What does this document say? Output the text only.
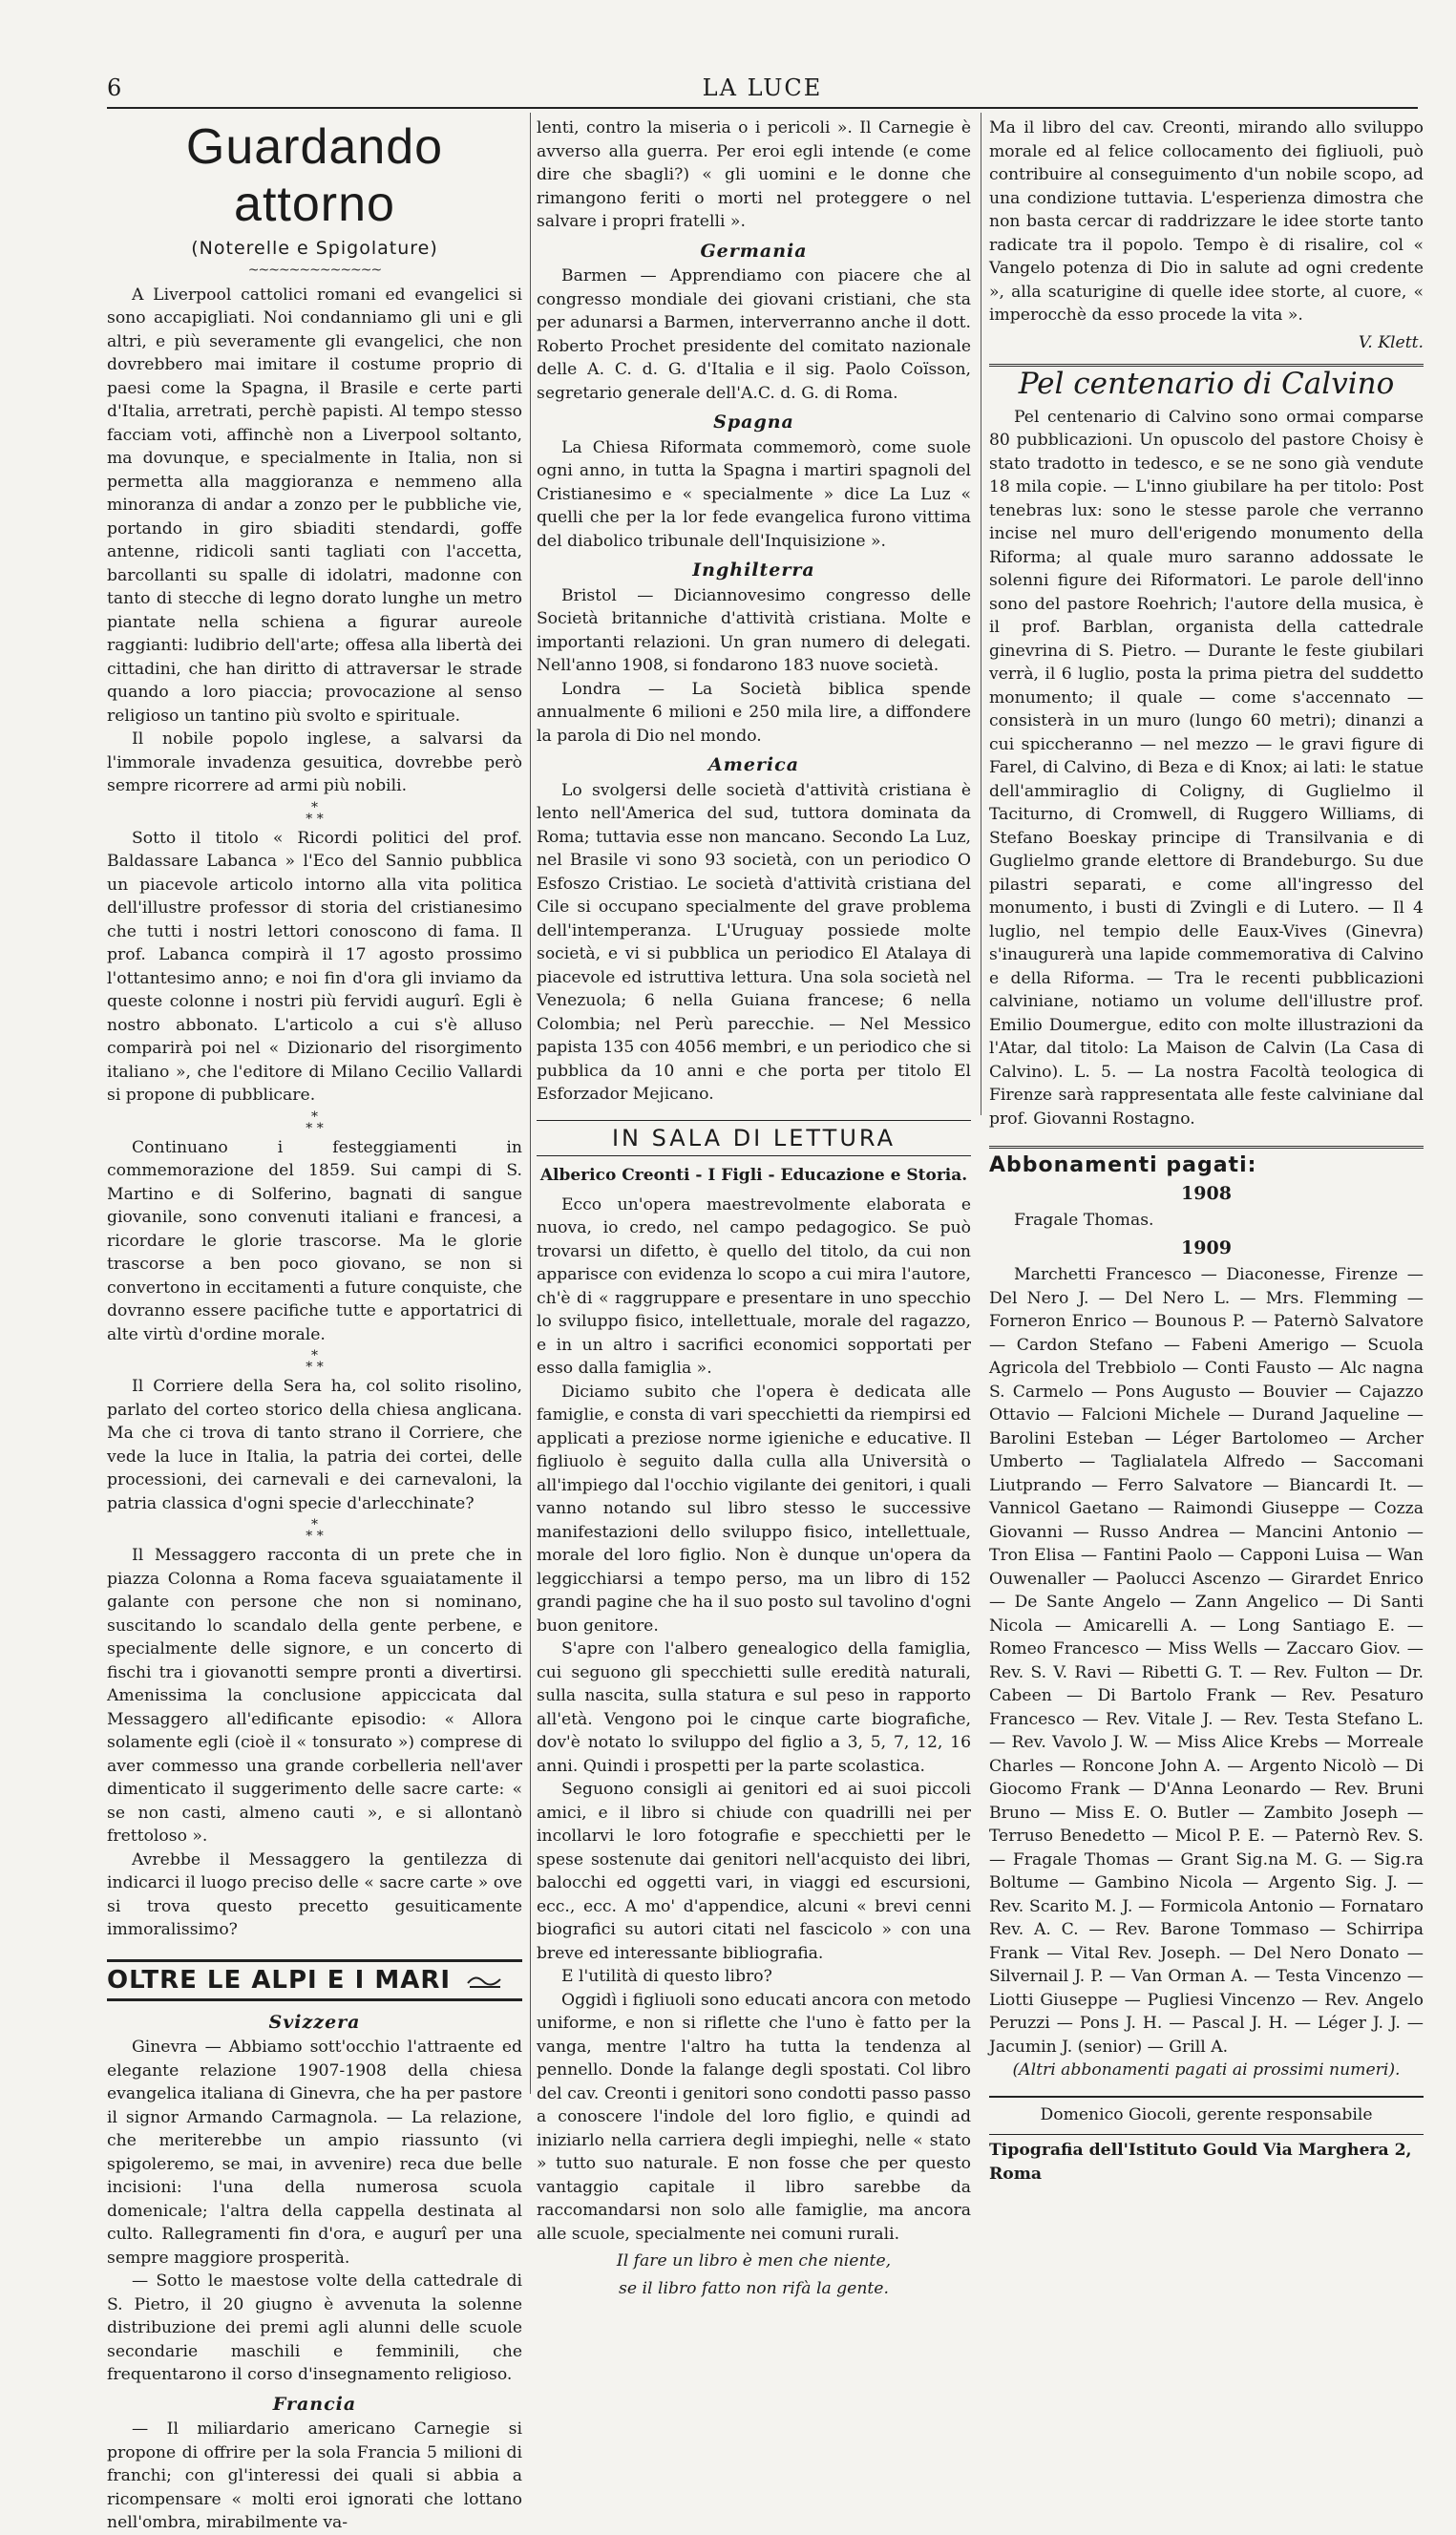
6	LA LUCE
Guardando attorno
(Noterelle e Spigolature)
~~~~~~~~~~~~~

A Liverpool cattolici romani ed evangelici si sono accapigliati. Noi condanniamo gli uni e gli altri, e più severamente gli evangelici, che non dovrebbero mai imitare il costume proprio di paesi come la Spagna, il Brasile e certe parti d'Italia, arretrati, perchè papisti. Al tempo stesso facciam voti, affinchè non a Liverpool soltanto, ma dovunque, e specialmente in Italia, non si permetta alla maggioranza e nemmeno alla minoranza di andar a zonzo per le pubbliche vie, portando in giro sbiaditi stendardi, goffe antenne, ridicoli santi tagliati con l'accetta, barcollanti su spalle di idolatri, madonne con tanto di stecche di legno dorato lunghe un metro piantate nella schiena a figurar aureole raggianti: ludibrio dell'arte; offesa alla libertà dei cittadini, che han diritto di attraversar le strade quando a loro piaccia; provocazione al senso religioso un tantino più svolto e spirituale.

Il nobile popolo inglese, a salvarsi da l'immorale invadenza gesuitica, dovrebbe però sempre ricorrere ad armi più nobili.

*
* *

Sotto il titolo « Ricordi politici del prof. Baldassare Labanca » l'Eco del Sannio pubblica un piacevole articolo intorno alla vita politica dell'illustre professor di storia del cristianesimo che tutti i nostri lettori conoscono di fama. Il prof. Labanca compirà il 17 agosto prossimo l'ottantesimo anno; e noi fin d'ora gli inviamo da queste colonne i nostri più fervidi augurî. Egli è nostro abbonato. L'articolo a cui s'è alluso comparirà poi nel « Dizionario del risorgimento italiano », che l'editore di Milano Cecilio Vallardi si propone di pubblicare.

*
* *

Continuano i festeggiamenti in commemorazione del 1859. Sui campi di S. Martino e di Solferino, bagnati di sangue giovanile, sono convenuti italiani e francesi, a ricordare le glorie trascorse. Ma le glorie trascorse a ben poco giovano, se non si convertono in eccitamenti a future conquiste, che dovranno essere pacifiche tutte e apportatrici di alte virtù d'ordine morale.

*
* *

Il Corriere della Sera ha, col solito risolino, parlato del corteo storico della chiesa anglicana. Ma che ci trova di tanto strano il Corriere, che vede la luce in Italia, la patria dei cortei, delle processioni, dei carnevali e dei carnevaloni, la patria classica d'ogni specie d'arlecchinate?

*
* *

Il Messaggero racconta di un prete che in piazza Colonna a Roma faceva sguaiatamente il galante con persone che non si nominano, suscitando lo scandalo della gente perbene, e specialmente delle signore, e un concerto di fischi tra i giovanotti sempre pronti a divertirsi. Amenissima la conclusione appiccicata dal Messaggero all'edificante episodio: « Allora solamente egli (cioè il « tonsurato ») comprese di aver commesso una grande corbelleria nell'aver dimenticato il suggerimento delle sacre carte: « se non casti, almeno cauti », e si allontanò frettoloso ».

Avrebbe il Messaggero la gentilezza di indicarci il luogo preciso delle « sacre carte » ove si trova questo precetto gesuiticamente immoralissimo?

OLTRE LE ALPI E I MARI
Svizzera

Ginevra — Abbiamo sott'occhio l'attraente ed elegante relazione 1907-1908 della chiesa evangelica italiana di Ginevra, che ha per pastore il signor Armando Carmagnola. — La relazione, che meriterebbe un ampio riassunto (vi spigoleremo, se mai, in avvenire) reca due belle incisioni: l'una della numerosa scuola domenicale; l'altra della cappella destinata al culto. Rallegramenti fin d'ora, e augurî per una sempre maggiore prosperità.

— Sotto le maestose volte della cattedrale di S. Pietro, il 20 giugno è avvenuta la solenne distribuzione dei premi agli alunni delle scuole secondarie maschili e femminili, che frequentarono il corso d'insegnamento religioso.

Francia

— Il miliardario americano Carnegie si propone di offrire per la sola Francia 5 milioni di franchi; con gl'interessi dei quali si abbia a ricompensare « molti eroi ignorati che lottano nell'ombra, mirabilmente va-

lenti, contro la miseria o i pericoli ». Il Carnegie è avverso alla guerra. Per eroi egli intende (e come dire che sbagli?) « gli uomini e le donne che rimangono feriti o morti nel proteggere o nel salvare i propri fratelli ».

Germania

Barmen — Apprendiamo con piacere che al congresso mondiale dei giovani cristiani, che sta per adunarsi a Barmen, interverranno anche il dott. Roberto Prochet presidente del comitato nazionale delle A. C. d. G. d'Italia e il sig. Paolo Coïsson, segretario generale dell'A.C. d. G. di Roma.

Spagna

La Chiesa Riformata commemorò, come suole ogni anno, in tutta la Spagna i martiri spagnoli del Cristianesimo e « specialmente » dice La Luz « quelli che per la lor fede evangelica furono vittima del diabolico tribunale dell'Inquisizione ».

Inghilterra

Bristol — Diciannovesimo congresso delle Società britanniche d'attività cristiana. Molte e importanti relazioni. Un gran numero di delegati. Nell'anno 1908, si fondarono 183 nuove società.

Londra — La Società biblica spende annualmente 6 milioni e 250 mila lire, a diffondere la parola di Dio nel mondo.

America

Lo svolgersi delle società d'attività cristiana è lento nell'America del sud, tuttora dominata da Roma; tuttavia esse non mancano. Secondo La Luz, nel Brasile vi sono 93 società, con un periodico O Esfoszo Cristiao. Le società d'attività cristiana del Cile si occupano specialmente del grave problema dell'intemperanza. L'Uruguay possiede molte società, e vi si pubblica un periodico El Atalaya di piacevole ed istruttiva lettura. Una sola società nel Venezuola; 6 nella Guiana francese; 6 nella Colombia; nel Perù parecchie. — Nel Messico papista 135 con 4056 membri, e un periodico che si pubblica da 10 anni e che porta per titolo El Esforzador Mejicano.

IN SALA DI LETTURA
Alberico Creonti - I Figli - Educazione e Storia.

Ecco un'opera maestrevolmente elaborata e nuova, io credo, nel campo pedagogico. Se può trovarsi un difetto, è quello del titolo, da cui non apparisce con evidenza lo scopo a cui mira l'autore, ch'è di « raggruppare e presentare in uno specchio lo sviluppo fisico, intellettuale, morale del ragazzo, e in un altro i sacrifici economici sopportati per esso dalla famiglia ».

Diciamo subito che l'opera è dedicata alle famiglie, e consta di vari specchietti da riempirsi ed applicati a preziose norme igieniche e educative. Il figliuolo è seguito dalla culla alla Università o all'impiego dal l'occhio vigilante dei genitori, i quali vanno notando sul libro stesso le successive manifestazioni dello sviluppo fisico, intellettuale, morale del loro figlio. Non è dunque un'opera da leggicchiarsi a tempo perso, ma un libro di 152 grandi pagine che ha il suo posto sul tavolino d'ogni buon genitore.

S'apre con l'albero genealogico della famiglia, cui seguono gli specchietti sulle eredità naturali, sulla nascita, sulla statura e sul peso in rapporto all'età. Vengono poi le cinque carte biografiche, dov'è notato lo sviluppo del figlio a 3, 5, 7, 12, 16 anni. Quindi i prospetti per la parte scolastica.

Seguono consigli ai genitori ed ai suoi piccoli amici, e il libro si chiude con quadrilli nei per incollarvi le loro fotografie e specchietti per le spese sostenute dai genitori nell'acquisto dei libri, balocchi ed oggetti vari, in viaggi ed escursioni, ecc., ecc. A mo' d'appendice, alcuni « brevi cenni biografici su autori citati nel fascicolo » con una breve ed interessante bibliografia.

E l'utilità di questo libro?

Oggidì i figliuoli sono educati ancora con metodo uniforme, e non si riflette che l'uno è fatto per la vanga, mentre l'altro ha tutta la tendenza al pennello. Donde la falange degli spostati. Col libro del cav. Creonti i genitori sono condotti passo passo a conoscere l'indole del loro figlio, e quindi ad iniziarlo nella carriera degli impieghi, nelle « stato » tutto suo naturale. E non fosse che per questo vantaggio capitale il libro sarebbe da raccomandarsi non solo alle famiglie, ma ancora alle scuole, specialmente nei comuni rurali.

Il fare un libro è men che niente,

se il libro fatto non rifà la gente.

Ma il libro del cav. Creonti, mirando allo sviluppo morale ed al felice collocamento dei figliuoli, può contribuire al conseguimento d'un nobile scopo, ad una condizione tuttavia. L'esperienza dimostra che non basta cercar di raddrizzare le idee storte tanto radicate tra il popolo. Tempo è di risalire, col « Vangelo potenza di Dio in salute ad ogni credente », alla scaturigine di quelle idee storte, al cuore, « imperocchè da esso procede la vita ».

V. Klett.
Pel centenario di Calvino

Pel centenario di Calvino sono ormai comparse 80 pubblicazioni. Un opuscolo del pastore Choisy è stato tradotto in tedesco, e se ne sono già vendute 18 mila copie. — L'inno giubilare ha per titolo: Post tenebras lux: sono le stesse parole che verranno incise nel muro dell'erigendo monumento della Riforma; al quale muro saranno addossate le solenni figure dei Riformatori. Le parole dell'inno sono del pastore Roehrich; l'autore della musica, è il prof. Barblan, organista della cattedrale ginevrina di S. Pietro. — Durante le feste giubilari verrà, il 6 luglio, posta la prima pietra del suddetto monumento; il quale — come s'accennato — consisterà in un muro (lungo 60 metri); dinanzi a cui spiccheranno — nel mezzo — le gravi figure di Farel, di Calvino, di Beza e di Knox; ai lati: le statue dell'ammiraglio di Coligny, di Guglielmo il Taciturno, di Cromwell, di Ruggero Williams, di Stefano Boeskay principe di Transilvania e di Guglielmo grande elettore di Brandeburgo. Su due pilastri separati, e come all'ingresso del monumento, i busti di Zvingli e di Lutero. — Il 4 luglio, nel tempio delle Eaux-Vives (Ginevra) s'inaugurerà una lapide commemorativa di Calvino e della Riforma. — Tra le recenti pubblicazioni calviniane, notiamo un volume dell'illustre prof. Emilio Doumergue, edito con molte illustrazioni da l'Atar, dal titolo: La Maison de Calvin (La Casa di Calvino). L. 5. — La nostra Facoltà teologica di Firenze sarà rappresentata alle feste calviniane dal prof. Giovanni Rostagno.

Abbonamenti pagati:
1908

Fragale Thomas.

1909

Marchetti Francesco — Diaconesse, Firenze — Del Nero J. — Del Nero L. — Mrs. Flemming — Forneron Enrico — Bounous P. — Paternò Salvatore — Cardon Stefano — Fabeni Amerigo — Scuola Agricola del Trebbiolo — Conti Fausto — Alc nagna S. Carmelo — Pons Augusto — Bouvier — Cajazzo Ottavio — Falcioni Michele — Durand Jaqueline — Barolini Esteban — Léger Bartolomeo — Archer Umberto — Taglialatela Alfredo — Saccomani Liutprando — Ferro Salvatore — Biancardi It. — Vannicol Gaetano — Raimondi Giuseppe — Cozza Giovanni — Russo Andrea — Mancini Antonio — Tron Elisa — Fantini Paolo — Capponi Luisa — Wan Ouwenaller — Paolucci Ascenzo — Girardet Enrico — De Sante Angelo — Zann Angelico — Di Santi Nicola — Amicarelli A. — Long Santiago E. — Romeo Francesco — Miss Wells — Zaccaro Giov. — Rev. S. V. Ravi — Ribetti G. T. — Rev. Fulton — Dr. Cabeen — Di Bartolo Frank — Rev. Pesaturo Francesco — Rev. Vitale J. — Rev. Testa Stefano L. — Rev. Vavolo J. W. — Miss Alice Krebs — Morreale Charles — Roncone John A. — Argento Nicolò — Di Giocomo Frank — D'Anna Leonardo — Rev. Bruni Bruno — Miss E. O. Butler — Zambito Joseph — Terruso Benedetto — Micol P. E. — Paternò Rev. S. — Fragale Thomas — Grant Sig.na M. G. — Sig.ra Boltume — Gambino Nicola — Argento Sig. J. — Rev. Scarito M. J. — Formicola Antonio — Fornataro Rev. A. C. — Rev. Barone Tommaso — Schirripa Frank — Vital Rev. Joseph. — Del Nero Donato — Silvernail J. P. — Van Orman A. — Testa Vincenzo — Liotti Giuseppe — Pugliesi Vincenzo — Rev. Angelo Peruzzi — Pons J. H. — Pascal J. H. — Léger J. J. — Jacumin J. (senior) — Grill A.

(Altri abbonamenti pagati ai prossimi numeri).

Domenico Giocoli, gerente responsabile
Tipografia dell'Istituto Gould Via Marghera 2, Roma
